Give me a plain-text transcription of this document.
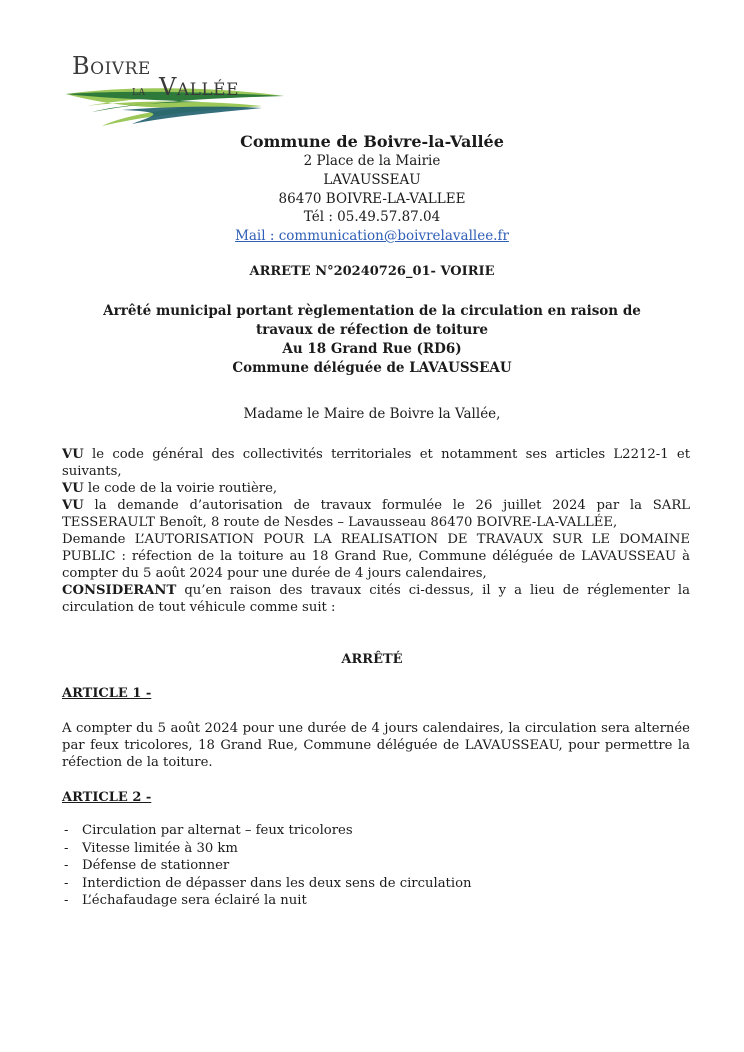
Boivre
la Vallée
Commune de Boivre-la-Vallée
2 Place de la Mairie
LAVAUSSEAU
86470 BOIVRE-LA-VALLEE
Tél : 05.49.57.87.04
Mail : communication@boivrelavallee.fr
ARRETE N°20240726_01- VOIRIE
Arrêté municipal portant règlementation de la circulation en raison de
travaux de réfection de toiture
Au 18 Grand Rue (RD6)
Commune déléguée de LAVAUSSEAU
Madame le Maire de Boivre la Vallée,

VU le code général des collectivités territoriales et notamment ses articles L2212-1 et suivants,

VU le code de la voirie routière,

VU la demande d’autorisation de travaux formulée le 26 juillet 2024 par la SARL TESSERAULT Benoît, 8 route de Nesdes – Lavausseau 86470 BOIVRE-LA-VALLÉE,

Demande L’AUTORISATION POUR LA REALISATION DE TRAVAUX SUR LE DOMAINE PUBLIC : réfection de la toiture au 18 Grand Rue, Commune déléguée de LAVAUSSEAU à compter du 5 août 2024 pour une durée de 4 jours calendaires,

CONSIDERANT qu’en raison des travaux cités ci-dessus, il y a lieu de réglementer la circulation de tout véhicule comme suit :

ARRÊTÉ
ARTICLE 1 -
A compter du 5 août 2024 pour une durée de 4 jours calendaires, la circulation sera alternée par feux tricolores, 18 Grand Rue, Commune déléguée de LAVAUSSEAU, pour permettre la réfection de la toiture.
ARTICLE 2 -
- Circulation par alternat – feux tricolores
- Vitesse limitée à 30 km
- Défense de stationner
- Interdiction de dépasser dans les deux sens de circulation
- L’échafaudage sera éclairé la nuit
